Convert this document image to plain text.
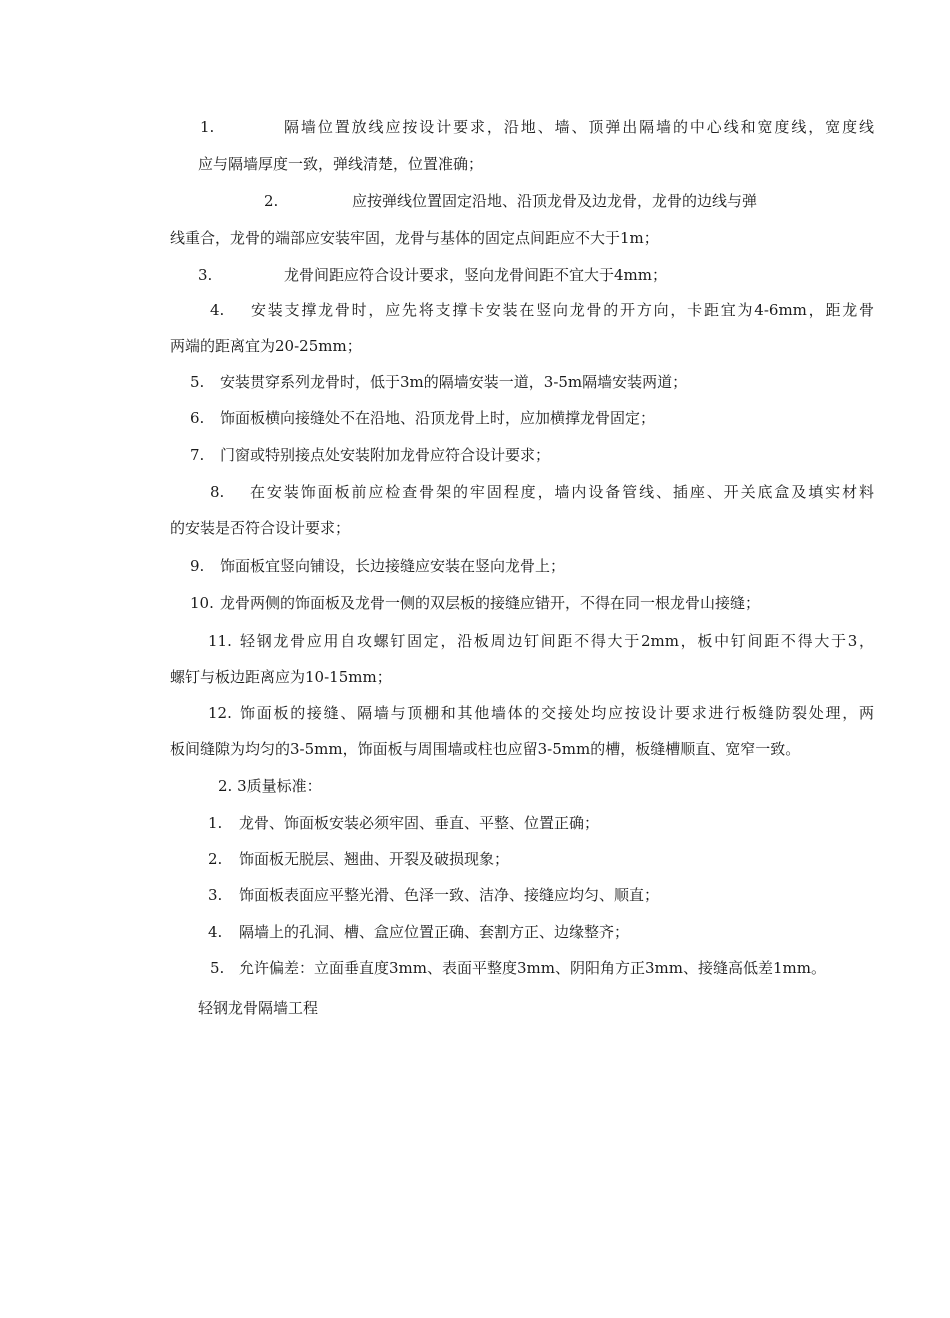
1.	隔墙位置放线应按设计要求，沿地、墙、顶弹出隔墙的中心线和宽度线，宽度线
应与隔墙厚度一致，弹线清楚，位置准确；
2.	应按弹线位置固定沿地、沿顶龙骨及边龙骨，龙骨的边线与弹
线重合，龙骨的端部应安装牢固，龙骨与基体的固定点间距应不大于1m；
3.	龙骨间距应符合设计要求，竖向龙骨间距不宜大于4mm；
4. 安装支撑龙骨时，应先将支撑卡安装在竖向龙骨的开方向，卡距宜为4-6mm，距龙骨
两端的距离宜为20-25mm；
5. 安装贯穿系列龙骨时，低于3m的隔墙安装一道，3-5m隔墙安装两道；
6. 饰面板横向接缝处不在沿地、沿顶龙骨上时，应加横撑龙骨固定；
7. 门窗或特别接点处安装附加龙骨应符合设计要求；
8. 在安装饰面板前应检查骨架的牢固程度，墙内设备管线、插座、开关底盒及填实材料
的安装是否符合设计要求；
9. 饰面板宜竖向铺设，长边接缝应安装在竖向龙骨上；
10. 龙骨两侧的饰面板及龙骨一侧的双层板的接缝应错开，不得在同一根龙骨山接缝；
11. 轻钢龙骨应用自攻螺钉固定，沿板周边钉间距不得大于2mm，板中钉间距不得大于3，
螺钉与板边距离应为10-15mm；
12. 饰面板的接缝、隔墙与顶棚和其他墙体的交接处均应按设计要求进行板缝防裂处理，两
板间缝隙为均匀的3-5mm，饰面板与周围墙或柱也应留3-5mm的槽，板缝槽顺直、宽窄一致。
2. 3质量标准：
1. 龙骨、饰面板安装必须牢固、垂直、平整、位置正确；
2. 饰面板无脱层、翘曲、开裂及破损现象；
3. 饰面板表面应平整光滑、色泽一致、洁净、接缝应均匀、顺直；
4. 隔墙上的孔洞、槽、盒应位置正确、套割方正、边缘整齐；
5. 允许偏差：立面垂直度3mm、表面平整度3mm、阴阳角方正3mm、接缝高低差1mm。
轻钢龙骨隔墙工程
